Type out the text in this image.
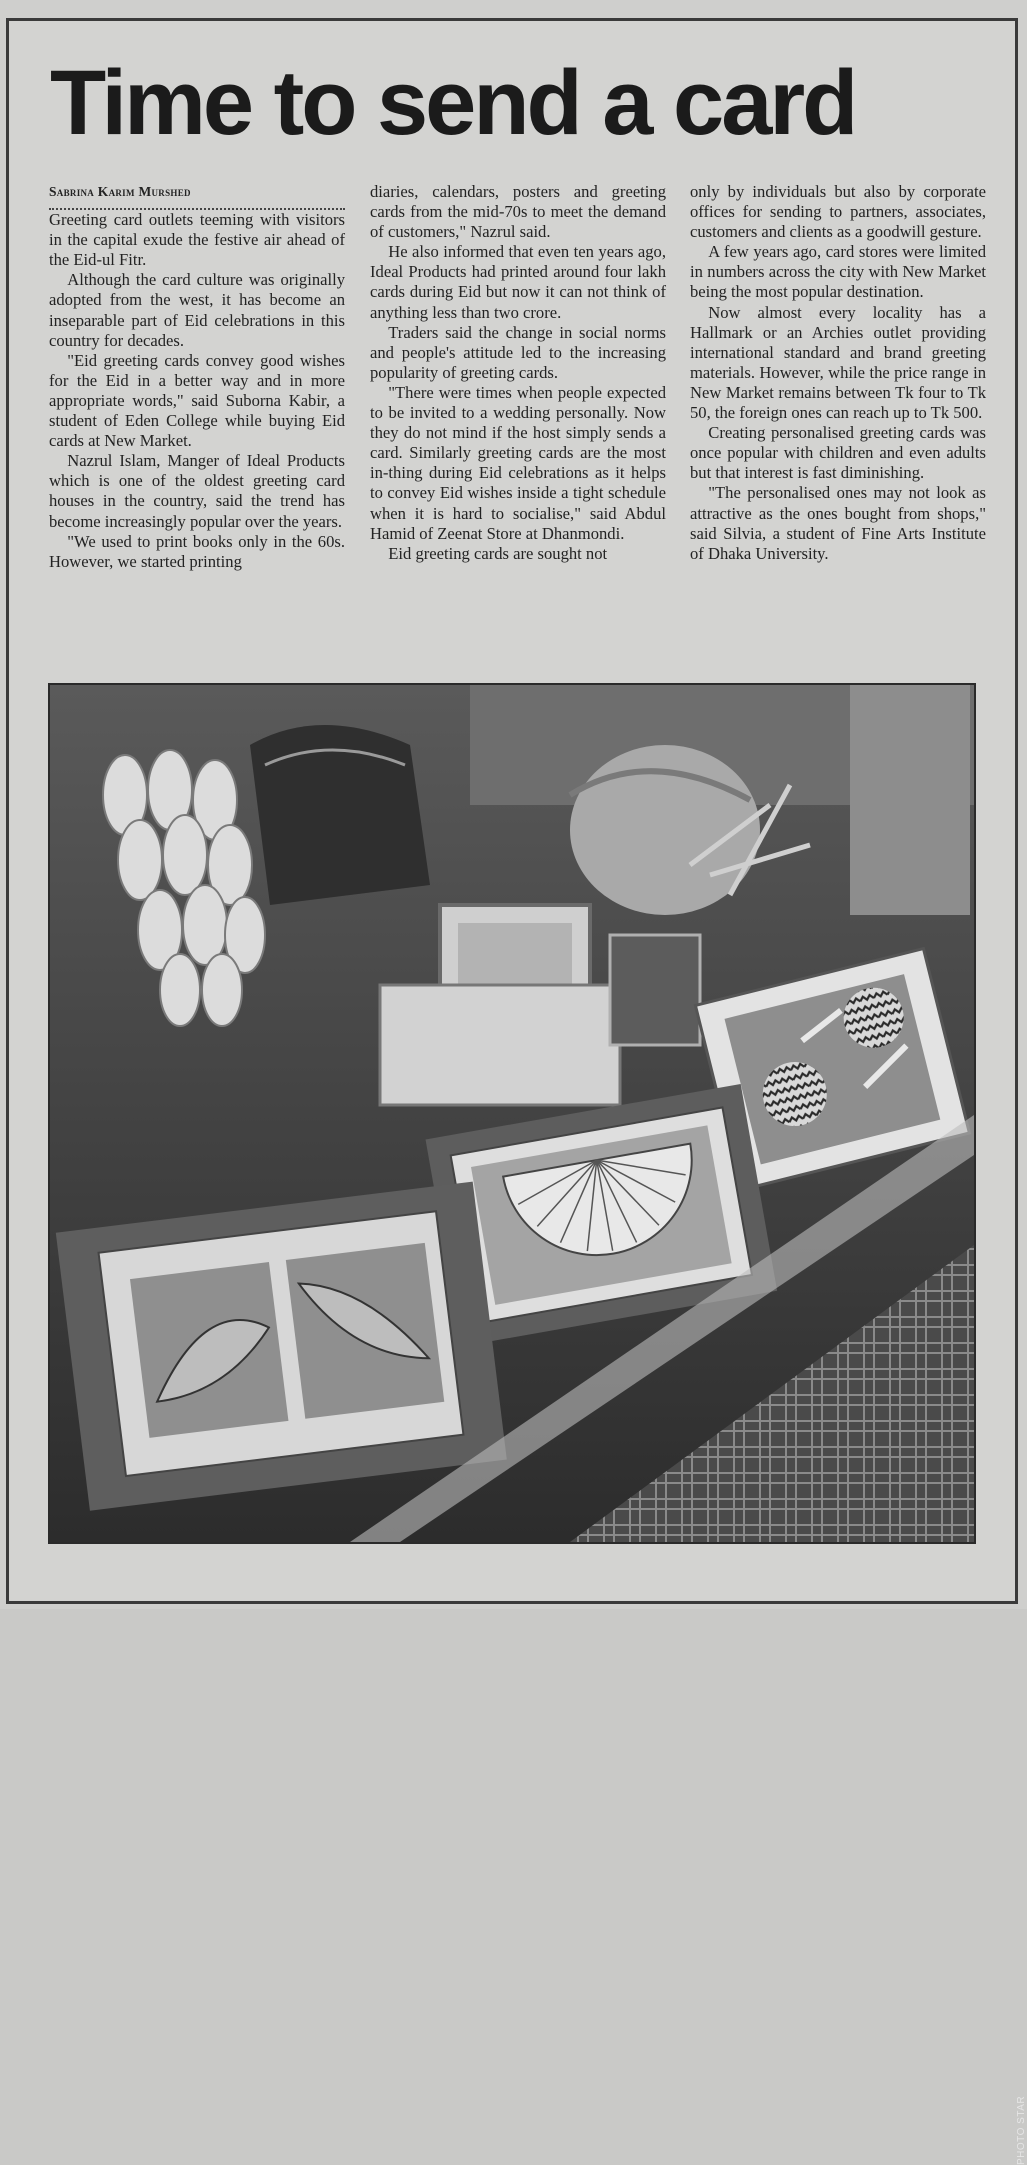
Time to send a card

Sabrina Karim Murshed

Greeting card outlets teeming with visitors in the capital exude the festive air ahead of the Eid-ul Fitr.

Although the card culture was originally adopted from the west, it has become an inseparable part of Eid celebrations in this country for decades.

"Eid greeting cards convey good wishes for the Eid in a better way and in more appropriate words," said Suborna Kabir, a student of Eden College while buying Eid cards at New Market.

Nazrul Islam, Manger of Ideal Products which is one of the oldest greeting card houses in the country, said the trend has become increasingly popular over the years.

"We used to print books only in the 60s. However, we started printing

diaries, calendars, posters and greeting cards from the mid-70s to meet the demand of customers," Nazrul said.

He also informed that even ten years ago, Ideal Products had printed around four lakh cards during Eid but now it can not think of anything less than two crore.

Traders said the change in social norms and people's attitude led to the increasing popularity of greeting cards.

"There were times when people expected to be invited to a wedding personally. Now they do not mind if the host simply sends a card. Similarly greeting cards are the most in-thing during Eid celebrations as it helps to convey Eid wishes inside a tight schedule when it is hard to socialise," said Abdul Hamid of Zeenat Store at Dhanmondi.

Eid greeting cards are sought not

only by individuals but also by corporate offices for sending to partners, associates, customers and clients as a goodwill gesture.

A few years ago, card stores were limited in numbers across the city with New Market being the most popular destination.

Now almost every locality has a Hallmark or an Archies outlet providing international standard and brand greeting materials. However, while the price range in New Market remains between Tk four to Tk 50, the foreign ones can reach up to Tk 500.

Creating personalised greeting cards was once popular with children and even adults but that interest is fast diminishing.

"The personalised ones may not look as attractive as the ones bought from shops," said Silvia, a student of Fine Arts Institute of Dhaka University.

PHOTO STAR
